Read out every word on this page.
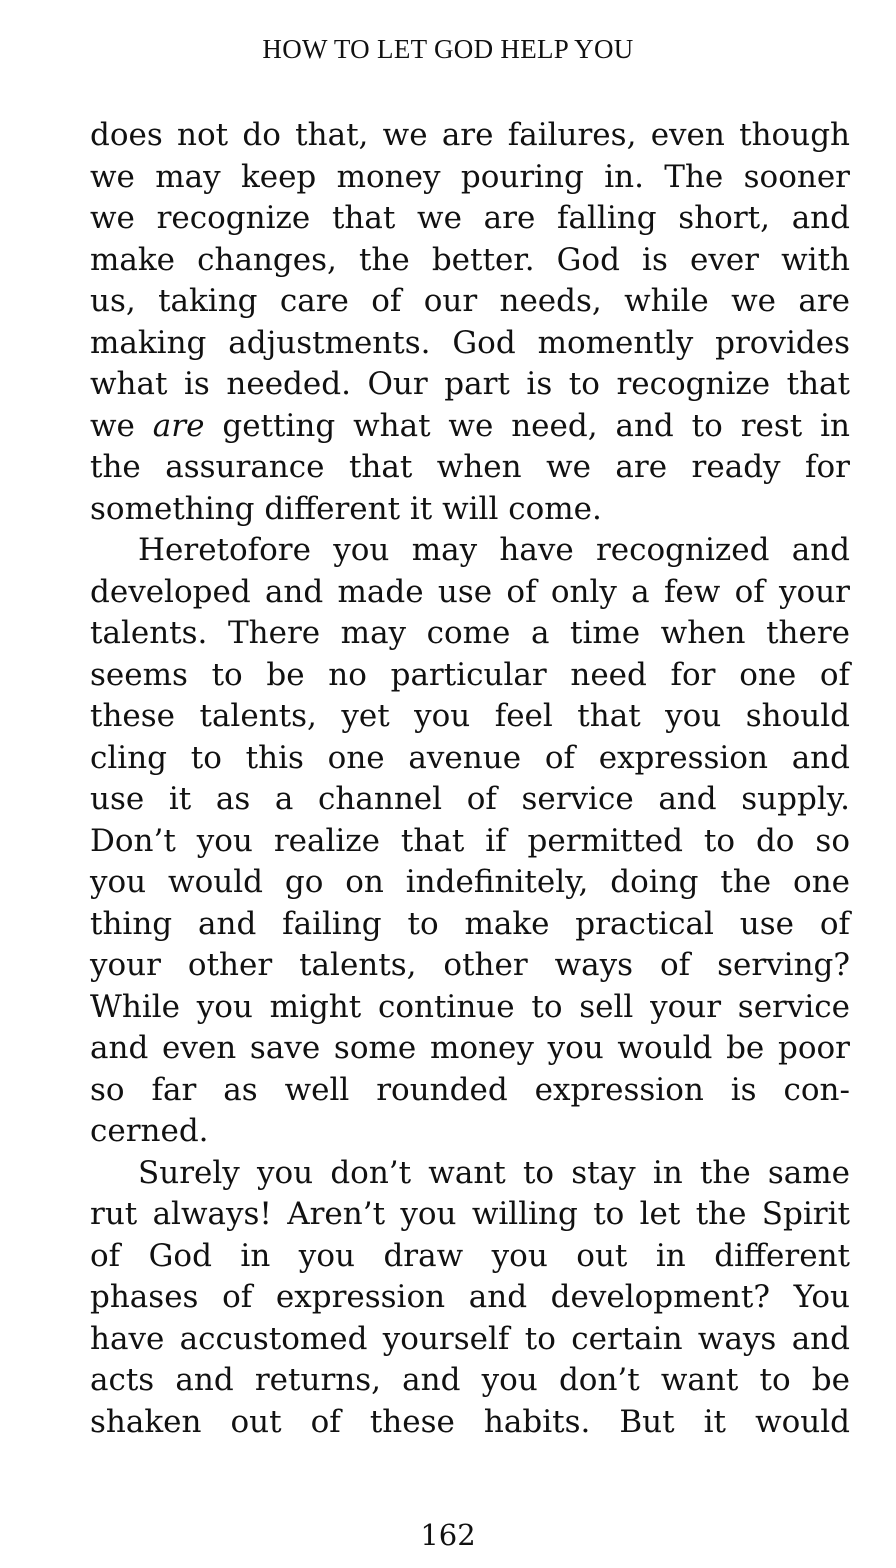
HOW TO LET GOD HELP YOU
does not do that, we are failures, even though
we may keep money pouring in. The sooner
we recognize that we are falling short, and
make changes, the better. God is ever with
us, taking care of our needs, while we are
making adjustments. God momently provides
what is needed. Our part is to recognize that
we are getting what we need, and to rest in
the assurance that when we are ready for
something different it will come.
Heretofore you may have recognized and
developed and made use of only a few of your
talents. There may come a time when there
seems to be no particular need for one of
these talents, yet you feel that you should
cling to this one avenue of expression and
use it as a channel of service and supply.
Don’t you realize that if permitted to do so
you would go on indefinitely, doing the one
thing and failing to make practical use of
your other talents, other ways of serving?
While you might continue to sell your service
and even save some money you would be poor
so far as well rounded expression is con-
cerned.
Surely you don’t want to stay in the same
rut always! Aren’t you willing to let the Spirit
of God in you draw you out in different
phases of expression and development? You
have accustomed yourself to certain ways and
acts and returns, and you don’t want to be
shaken out of these habits. But it would
162
